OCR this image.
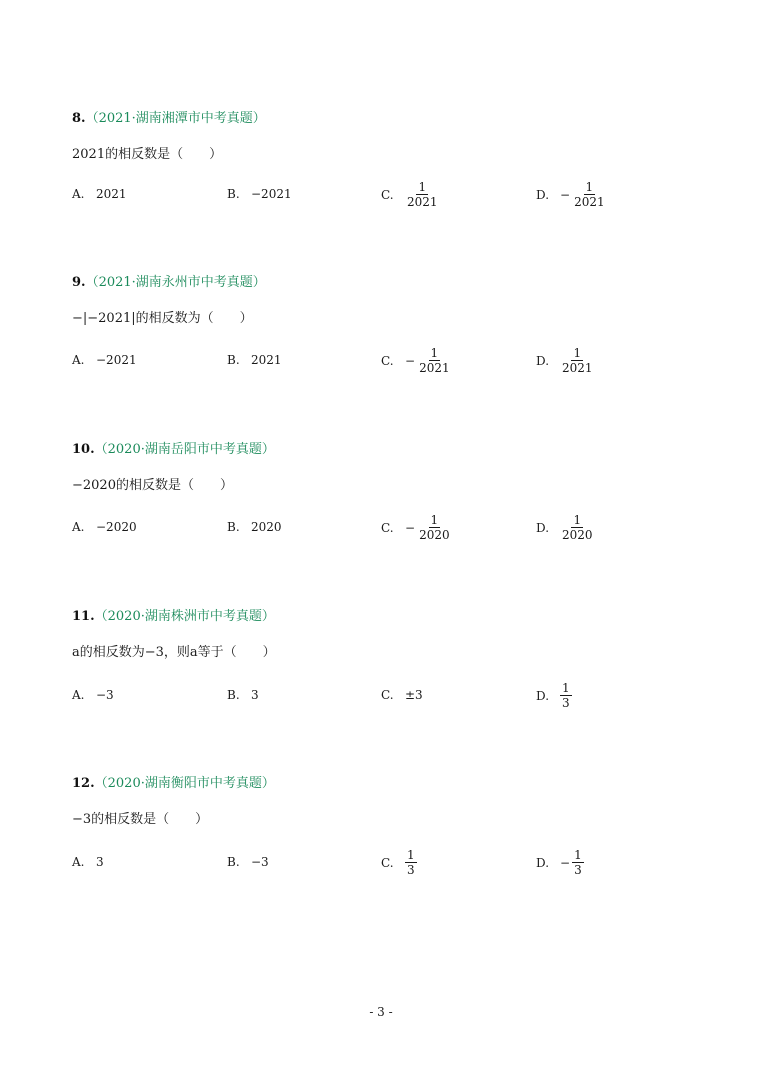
8.（2021·湖南湘潭市中考真题）
2021的相反数是（　　）
A. 2021	B. −2021	C. $\frac{1}{2021}$	D. − $\frac{1}{2021}$
9.（2021·湖南永州市中考真题）
−|−2021|的相反数为（　　）
A. −2021	B. 2021	C. − $\frac{1}{2021}$	D. $\frac{1}{2021}$
10.（2020·湖南岳阳市中考真题）
−2020的相反数是（　　）
A. −2020	B. 2020	C. − $\frac{1}{2020}$	D. $\frac{1}{2020}$
11.（2020·湖南株洲市中考真题）
a的相反数为−3，则a等于（　　）
A. −3	B. 3	C. ±3	D. $\frac{1}{3}$
12.（2020·湖南衡阳市中考真题）
−3的相反数是（　　）
A. 3	B. −3	C. $\frac{1}{3}$	D. − $\frac{1}{3}$
- 3 -
